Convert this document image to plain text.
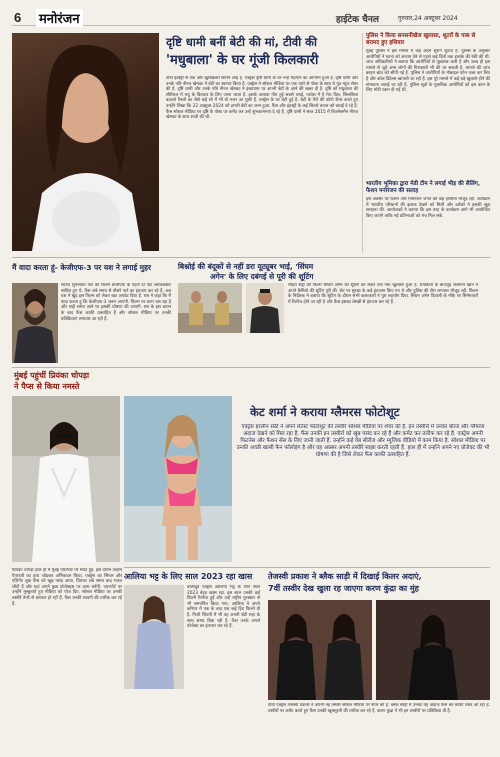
6 मनोरंजन	हाईटेक चैनल	गुरुवार,24 अक्टूबर 2024
दृष्टि धामी बनीं बेटी की मां, टीवी की
'मधुबाला' के घर गूंजी किलकारी

टीवी इंडस्ट्री से एक और खुशखबरी सामने आई है. एक्ट्रेस दृष्टि धामी के घर नन्हे मेहमान का आगमन हुआ है. दृष्टि धामी और उनके पति नीरज खेमका ने बेटी का स्वागत किया है. एक्ट्रेस ने सोशल मीडिया पर एक प्यारे से पोस्ट के साथ ये गुड न्यूज शेयर की है. दृष्टि धामी और उनके पति नीरज खेमका ने इंस्टाग्राम पर अपनी बेटी के आने की खबर दी है. दृष्टि को मधुबाला की सीरियल में मधु के किरदार के लिए जाना जाता है. इसके अलावा गीत हुई सबसे पराई, परदेस में है मेरा दिल, सिलसिला बदलते रिश्तों का जैसे कई शो में भी वो नजर आ चुकी हैं. एक्ट्रेस के घर बेटी हुई है. बेटी के पैरों की फोटो शेयर करते हुए उन्होंने लिखा कि 22 अक्टूबर 2024 को हमारी बेटी का जन्म हुआ. फैंस और इंडस्ट्री के कई सितारे कपल को बधाई दे रहे हैं. फैंस सोशल मीडिया पर दृष्टि के पोस्ट पर कमेंट कर उन्हें शुभकामनाएं दे रहे हैं. दृष्टि धामी ने साल 2015 में बिजनेसमैन नीरज खेमका के साथ शादी की थी.

पुलिस ने किया सनसनीखेज खुलासा, शूटरों के पास से बरामद हुए हथियार
मुंबई पुलिस ने इस मामले में कई अहम सुराग जुटाए हैं. पुलिस के अनुसार आरोपियों ने घटना को अंजाम देने से पहले कई दिनों तक इलाके की रेकी की थी. जांच अधिकारियों ने बताया कि आरोपियों से पूछताछ जारी है और जल्द ही इस मामले से जुड़े अन्य लोगों की गिरफ्तारी भी की जा सकती है. मामले की जांच क्राइम ब्रांच को सौंपी गई है. पुलिस ने आरोपियों के मोबाइल फोन जब्त कर लिए हैं और कॉल डिटेल्स खंगाली जा रही हैं. इस पूरे मामले में कई बड़े खुलासे होने की संभावना जताई जा रही है. पुलिस सूत्रों के मुताबिक आरोपियों को इस काम के लिए मोटी रकम दी गई थी.
भारतीय भूमिका द्वारा मेडी टीम ने लगाई भीड़ की सैलिंग, फैशन मनोरंजन की सलाह
इस अवसर पर फैशन और मनोरंजन जगत की कई हस्तियां मौजूद रहीं. कार्यक्रम में भारतीय परिधानों की झलक देखने को मिली और दर्शकों ने इसकी खूब सराहना की. आयोजकों ने बताया कि इस तरह के कार्यक्रम आगे भी आयोजित किए जाएंगे ताकि नई प्रतिभाओं को मंच मिल सके.
मैं वादा करता हूं- केजीएफ-3 पर यश ने लगाई मुहर
साउथ सुपरस्टार यश की फिल्म केजीएफ के पहले दो पार्ट ब्लॉकबस्टर साबित हुए थे. फैंस लंबे समय से तीसरे पार्ट का इंतजार कर रहे हैं. अब यश ने खुद इस फिल्म को लेकर बड़ा अपडेट दिया है. यश ने कहा कि मैं वादा करता हूं कि केजीएफ-3 जरूर आएगी. फिल्म पर काम चल रहा है और सही समय आने पर इसकी घोषणा की जाएगी. यश के इस बयान के बाद फैंस काफी उत्साहित हैं और सोशल मीडिया पर उनकी प्रतिक्रियाएं लगातार आ रही हैं.
बिश्नोई की बंदूकों से नहीं डरा यूट्यूबर भाई, 'सिंघम
अगेन' के लिए दबंगई से पूरी की शूटिंग
रोहित शेट्टी की फिल्म सिंघम अगेन की शूटिंग को लेकर एक नया खुलासा हुआ है. धमकियों के बावजूद सलमान खान ने अपने कैमियो की शूटिंग पूरी की. सेट पर सुरक्षा के कड़े इंतजाम किए गए थे और पुलिस की टीम लगातार मौजूद रही. फिल्म के निर्देशक ने बताया कि शूटिंग के दौरान सभी कलाकारों ने पूरा सहयोग दिया. सिंघम अगेन दिवाली के मौके पर सिनेमाघरों में रिलीज होने जा रही है और फैंस इसका बेसब्री से इंतजार कर रहे हैं.
मुंबई पहुंचीं प्रियंका चोपड़ा
ने पैप्स से किया नमस्ते
केट शर्मा ने कराया ग्लैमरस फोटोशूट
एक्ट्रेस हरलीन सेठी ने अपने लेटेस्ट फोटोशूट की तस्वीरें सोशल मीडिया पर शेयर की हैं. इन तस्वीरों में उनका बोल्ड और ग्लैमरस अंदाज देखने को मिल रहा है. फैंस उनकी इन तस्वीरों को खूब पसंद कर रहे हैं और कमेंट कर तारीफ कर रहे हैं. एक्ट्रेस अपनी फिटनेस और फैशन सेंस के लिए जानी जाती हैं. उन्होंने कई वेब सीरीज और म्यूजिक वीडियो में काम किया है. सोशल मीडिया पर उनकी अच्छी खासी फैन फॉलोइंग है और वह अक्सर अपनी तस्वीरें साझा करती रहती हैं. हाल ही में उन्होंने अपने नए प्रोजेक्ट की भी घोषणा की है जिसे लेकर फैंस काफी उत्साहित हैं.
प्रियंका चोपड़ा हाल ही में मुंबई एयरपोर्ट पर स्पॉट हुईं. इस दौरान उन्होंने पैपराजी का हाथ जोड़कर अभिवादन किया. एक्ट्रेस का सिंपल और एलिगेंट लुक फैंस को खूब पसंद आया. प्रियंका लंबे समय बाद भारत लौटी हैं और यहां अपने कुछ प्रोजेक्ट्स पर काम करेंगी. एयरपोर्ट पर उन्होंने मुस्कुराते हुए मीडिया को पोज दिए. सोशल मीडिया पर उनकी तस्वीरें तेजी से वायरल हो रही हैं. फैंस उनकी सादगी की तारीफ कर रहे हैं.
आलिया भट्ट के लिए साल 2023 रहा खास
बॉलीवुड एक्ट्रेस आलिया भट्ट के लिए साल 2023 बेहद खास रहा. इस साल उनकी कई फिल्में रिलीज हुईं और उन्हें राष्ट्रीय पुरस्कार से भी सम्मानित किया गया. आलिया ने अपने करियर में एक के बाद एक कई हिट फिल्में दी हैं. निजी जिंदगी में भी वह अपनी बेटी राहा के साथ समय बिता रही हैं. फैंस उनके अगले प्रोजेक्ट का इंतजार कर रहे हैं.
तेजस्वी प्रकाश ने ब्लैक साड़ी में दिखाई किलर अदाएं,
7वीं तस्वीर देख खुला रह जाएगा करण कुंद्रा का मुंह
टीवी एक्ट्रेस तेजस्वी प्रकाश ने अपनी नई तस्वीरें सोशल मीडिया पर शेयर की हैं. ब्लैक साड़ी में उनका यह अंदाज फैंस को काफी पसंद आ रहा है. तस्वीरों पर कमेंट करते हुए फैंस उनकी खूबसूरती की तारीफ कर रहे हैं. करण कुंद्रा ने भी इन तस्वीरों पर प्रतिक्रिया दी है.
